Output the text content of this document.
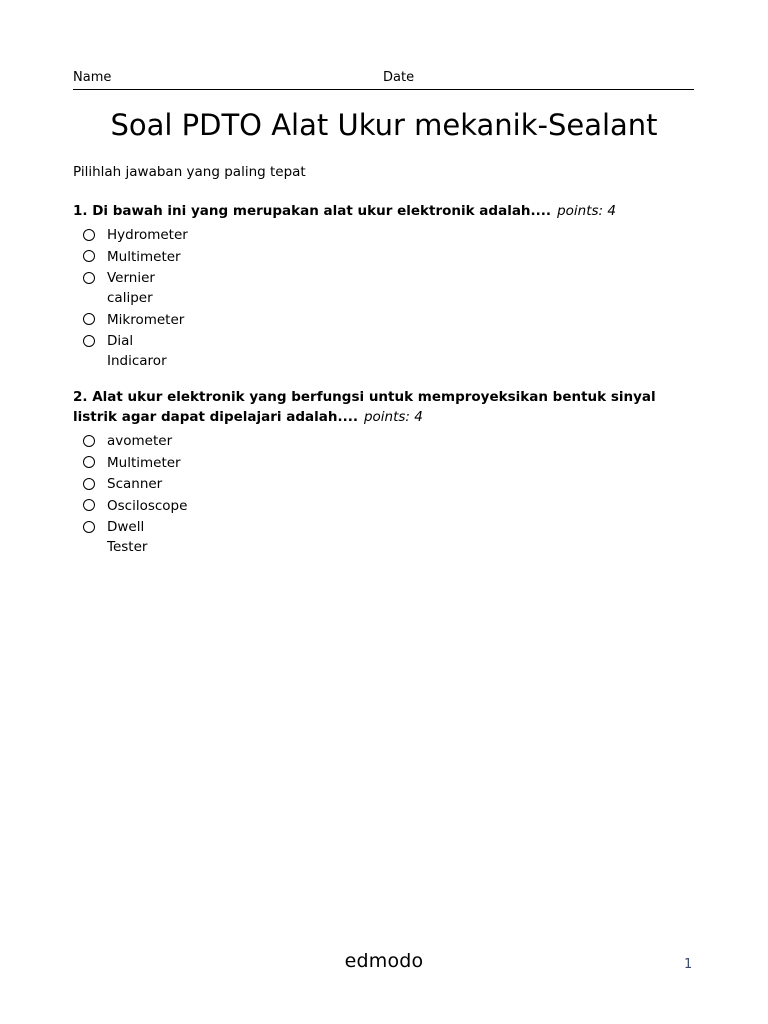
Name	Date
Soal PDTO Alat Ukur mekanik-Sealant
Pilihlah jawaban yang paling tepat
1. Di bawah ini yang merupakan alat ukur elektronik adalah.... points: 4
Hydrometer
Multimeter
Vernier caliper
Mikrometer
Dial Indicaror
2. Alat ukur elektronik yang berfungsi untuk memproyeksikan bentuk sinyal listrik agar dapat dipelajari adalah.... points: 4
avometer
Multimeter
Scanner
Osciloscope
Dwell Tester
edmodo	1
